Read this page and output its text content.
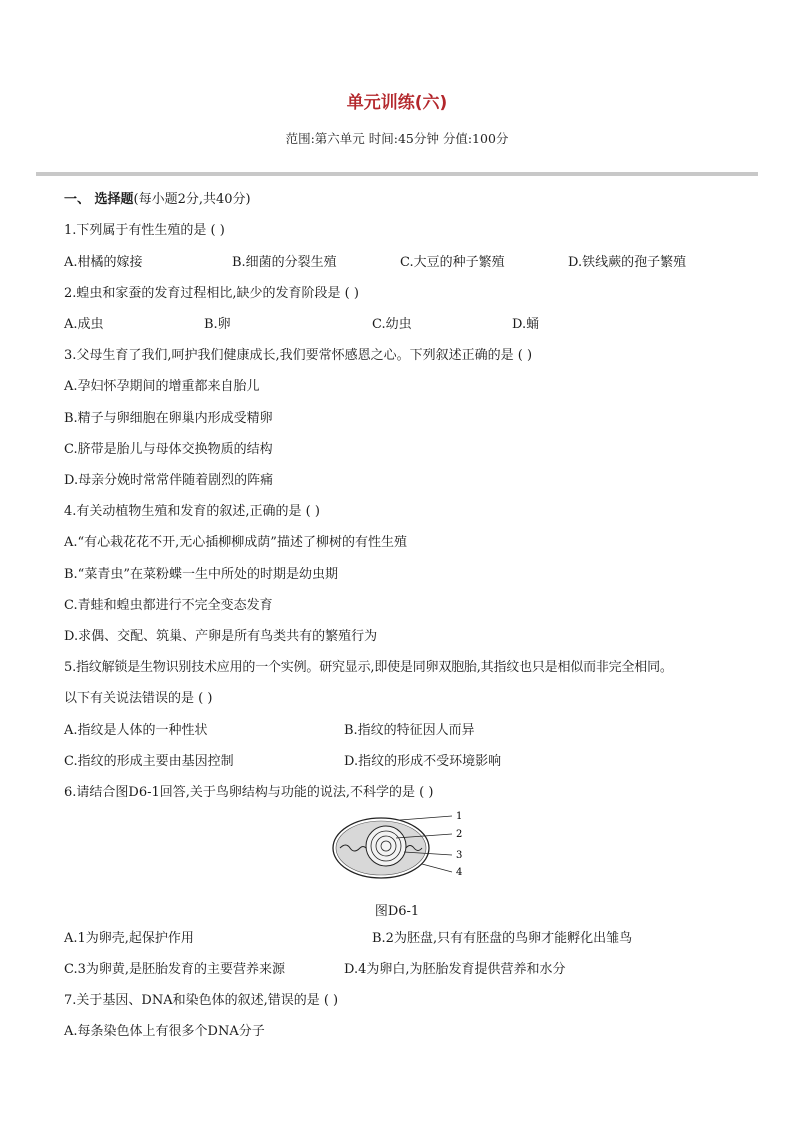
单元训练(六)
范围:第六单元 时间:45分钟 分值:100分
一、 选择题(每小题2分,共40分)
1.下列属于有性生殖的是 ( )
A.柑橘的嫁接	B.细菌的分裂生殖	C.大豆的种子繁殖	D.铁线蕨的孢子繁殖
2.蝗虫和家蚕的发育过程相比,缺少的发育阶段是 ( )
A.成虫	B.卵	C.幼虫	D.蛹
3.父母生育了我们,呵护我们健康成长,我们要常怀感恩之心。下列叙述正确的是 ( )
A.孕妇怀孕期间的增重都来自胎儿
B.精子与卵细胞在卵巢内形成受精卵
C.脐带是胎儿与母体交换物质的结构
D.母亲分娩时常常伴随着剧烈的阵痛
4.有关动植物生殖和发育的叙述,正确的是 ( )
A.“有心栽花花不开,无心插柳柳成荫”描述了柳树的有性生殖
B.“菜青虫”在菜粉蝶一生中所处的时期是幼虫期
C.青蛙和蝗虫都进行不完全变态发育
D.求偶、交配、筑巢、产卵是所有鸟类共有的繁殖行为
5.指纹解锁是生物识别技术应用的一个实例。研究显示,即使是同卵双胞胎,其指纹也只是相似而非完全相同。
以下有关说法错误的是 ( )
A.指纹是人体的一种性状	B.指纹的特征因人而异
C.指纹的形成主要由基因控制	D.指纹的形成不受环境影响
6.请结合图D6-1回答,关于鸟卵结构与功能的说法,不科学的是 ( )
1
2
3
4
图D6-1
A.1为卵壳,起保护作用	B.2为胚盘,只有有胚盘的鸟卵才能孵化出雏鸟
C.3为卵黄,是胚胎发育的主要营养来源	D.4为卵白,为胚胎发育提供营养和水分
7.关于基因、DNA和染色体的叙述,错误的是 ( )
A.每条染色体上有很多个DNA分子
